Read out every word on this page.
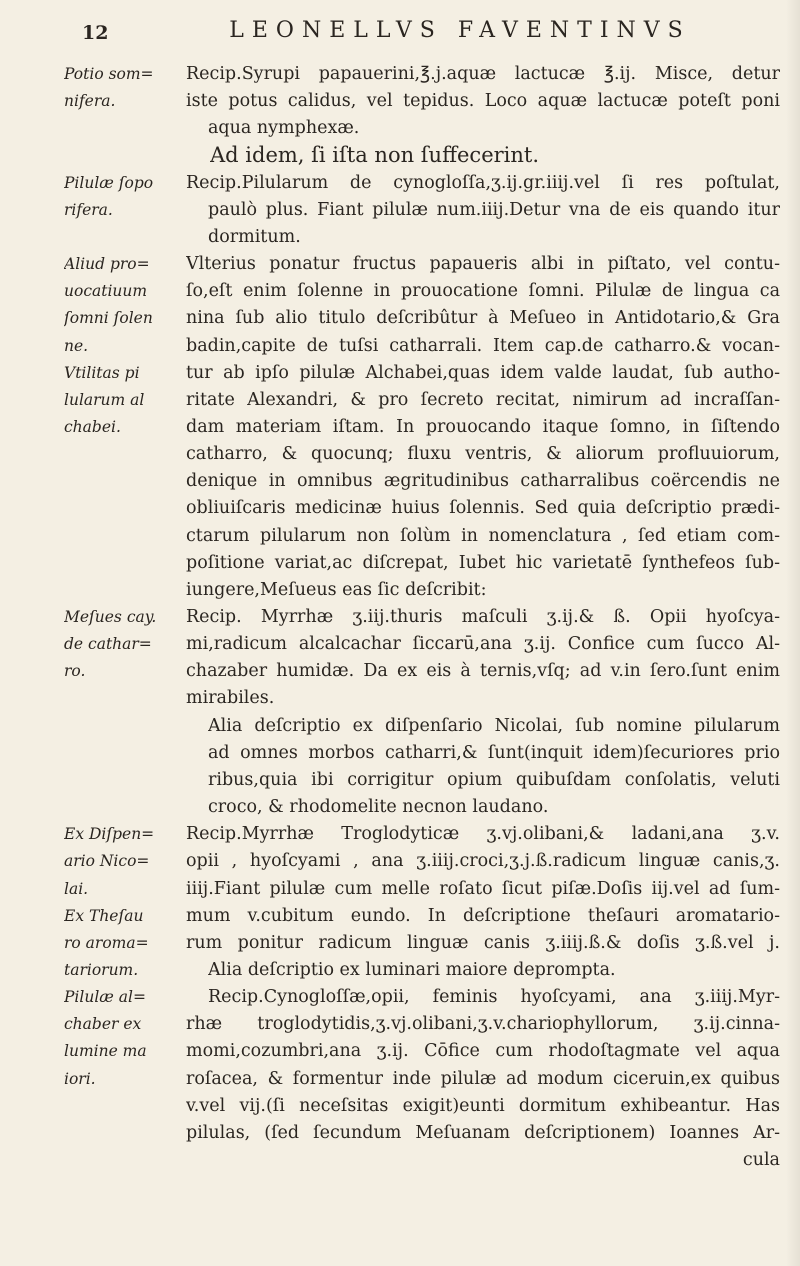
12	LEONELLVS FAVENTINVS
Potio som=	Recip.Syrupi papauerini,℥.j.aquæ lactucæ ℥.ij. Misce, detur
nifera.	iste potus calidus, vel tepidus. Loco aquæ lactucæ poteſt poni
aqua nymphexæ.
Ad idem, ſi iſta non ſuffecerint.
Pilulæ ſopo	Recip.Pilularum de cynogloſſa,ʒ.ij.gr.iiij.vel ſi res poſtulat,
rifera.	paulò plus. Fiant pilulæ num.iiij.Detur vna de eis quando itur
dormitum.
Aliud pro=	Vlterius ponatur fructus papaueris albi in piſtato, vel contu-
uocatiuum	ſo,eſt enim ſolenne in prouocatione ſomni. Pilulæ de lingua ca
ſomni ſolen	nina ſub alio titulo deſcribûtur à Meſueo in Antidotario,& Gra
ne.	badin,capite de tuſsi catharrali. Item cap.de catharro.& vocan-
Vtilitas pi	tur ab ipſo pilulæ Alchabei,quas idem valde laudat, ſub autho-
lularum al	ritate Alexandri, & pro ſecreto recitat, nimirum ad incraſſan-
chabei.	dam materiam iſtam. In prouocando itaque ſomno, in ſiſtendo
catharro, & quocunq; fluxu ventris, & aliorum profluuiorum,
denique in omnibus ægritudinibus catharralibus coërcendis ne
obliuiſcaris medicinæ huius ſolennis. Sed quia deſcriptio prædi-
ctarum pilularum non ſolùm in nomenclatura , ſed etiam com-
poſitione variat,ac diſcrepat, Iubet hic varietatē ſynthefeos ſub-
iungere,Meſueus eas ſic deſcribit:
Meſues cay.	Recip. Myrrhæ ʒ.iij.thuris maſculi ʒ.ij.& ß. Opii hyoſcya-
de cathar=	mi,radicum alcalcachar ſiccarū,ana ʒ.ij. Confice cum ſucco Al-
ro.	chazaber humidæ. Da ex eis à ternis,vſq; ad v.in ſero.ſunt enim
mirabiles.
Alia deſcriptio ex diſpenſario Nicolai, ſub nomine pilularum
ad omnes morbos catharri,& ſunt(inquit idem)ſecuriores prio
ribus,quia ibi corrigitur opium quibuſdam conſolatis, veluti
croco, & rhodomelite necnon laudano.
Ex Diſpen=	Recip.Myrrhæ Troglodyticæ ʒ.vj.olibani,& ladani,ana ʒ.v.
ario Nico=	opii , hyoſcyami , ana ʒ.iiij.croci,ʒ.j.ß.radicum linguæ canis,ʒ.
lai.	iiij.Fiant pilulæ cum melle roſato ſicut piſæ.Doſis iij.vel ad ſum-
Ex Theſau	mum v.cubitum eundo. In deſcriptione theſauri aromatario-
ro aroma=	rum ponitur radicum linguæ canis ʒ.iiij.ß.& doſis ʒ.ß.vel j.
tariorum.	Alia deſcriptio ex luminari maiore deprompta.
Pilulæ al=	Recip.Cynogloſſæ,opii, feminis hyoſcyami, ana ʒ.iiij.Myr-
chaber ex	rhæ troglodytidis,ʒ.vj.olibani,ʒ.v.chariophyllorum, ʒ.ij.cinna-
lumine ma	momi,cozumbri,ana ʒ.ij. Cōfice cum rhodoſtagmate vel aqua
iori.	roſacea, & formentur inde pilulæ ad modum ciceruin,ex quibus
v.vel vij.(ſi neceſsitas exigit)eunti dormitum exhibeantur. Has
pilulas, (ſed ſecundum Meſuanam deſcriptionem) Ioannes Ar-
cula
